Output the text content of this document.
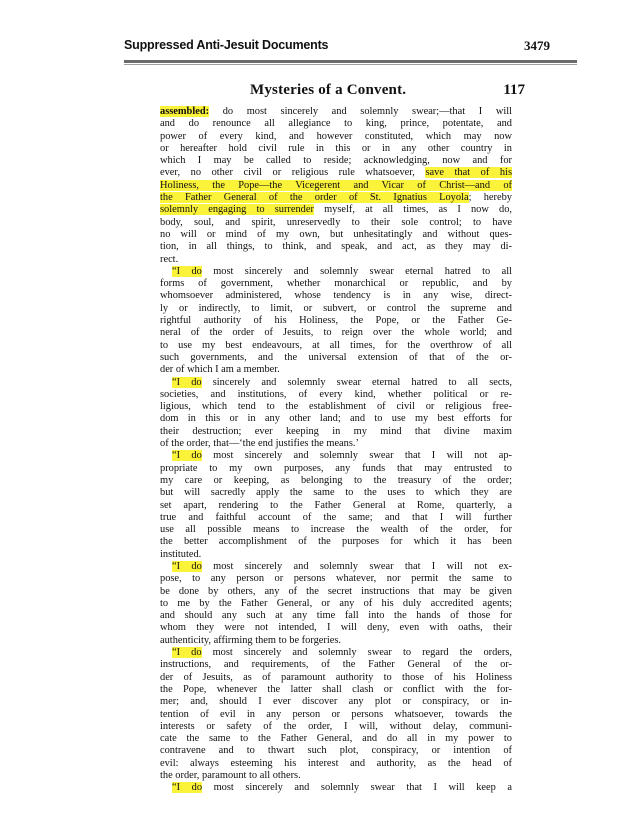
Suppressed Anti-Jesuit Documents	3479
Mysteries of a Convent.	117
assembled: do most sincerely and solemnly swear;—that I will
and do renounce all allegiance to king, prince, potentate, and
power of every kind, and however constituted, which may now
or hereafter hold civil rule in this or in any other country in
which I may be called to reside; acknowledging, now and for
ever, no other civil or religious rule whatsoever, save that of his
Holiness, the Pope—the Vicegerent and Vicar of Christ—and of
the Father General of the order of St. Ignatius Loyola; hereby
solemnly engaging to surrender myself, at all times, as I now do,
body, soul, and spirit, unreservedly to their sole control; to have
no will or mind of my own, but unhesitatingly and without ques-
tion, in all things, to think, and speak, and act, as they may di-
rect.
“I do most sincerely and solemnly swear eternal hatred to all
forms of government, whether monarchical or republic, and by
whomsoever administered, whose tendency is in any wise, direct-
ly or indirectly, to limit, or subvert, or control the supreme and
rightful authority of his Holiness, the Pope, or the Father Ge-
neral of the order of Jesuits, to reign over the whole world; and
to use my best endeavours, at all times, for the overthrow of all
such governments, and the universal extension of that of the or-
der of which I am a member.
“I do sincerely and solemnly swear eternal hatred to all sects,
societies, and institutions, of every kind, whether political or re-
ligious, which tend to the establishment of civil or religious free-
dom in this or in any other land; and to use my best efforts for
their destruction; ever keeping in my mind that divine maxim
of the order, that—‘the end justifies the means.’
“I do most sincerely and solemnly swear that I will not ap-
propriate to my own purposes, any funds that may entrusted to
my care or keeping, as belonging to the treasury of the order;
but will sacredly apply the same to the uses to which they are
set apart, rendering to the Father General at Rome, quarterly, a
true and faithful account of the same; and that I will further
use all possible means to increase the wealth of the order, for
the better accomplishment of the purposes for which it has been
instituted.
“I do most sincerely and solemnly swear that I will not ex-
pose, to any person or persons whatever, nor permit the same to
be done by others, any of the secret instructions that may be given
to me by the Father General, or any of his duly accredited agents;
and should any such at any time fall into the hands of those for
whom they were not intended, I will deny, even with oaths, their
authenticity, affirming them to be forgeries.
“I do most sincerely and solemnly swear to regard the orders,
instructions, and requirements, of the Father General of the or-
der of Jesuits, as of paramount authority to those of his Holiness
the Pope, whenever the latter shall clash or conflict with the for-
mer; and, should I ever discover any plot or conspiracy, or in-
tention of evil in any person or persons whatsoever, towards the
interests or safety of the order, I will, without delay, communi-
cate the same to the Father General, and do all in my power to
contravene and to thwart such plot, conspiracy, or intention of
evil: always esteeming his interest and authority, as the head of
the order, paramount to all others.
“I do most sincerely and solemnly swear that I will keep a
